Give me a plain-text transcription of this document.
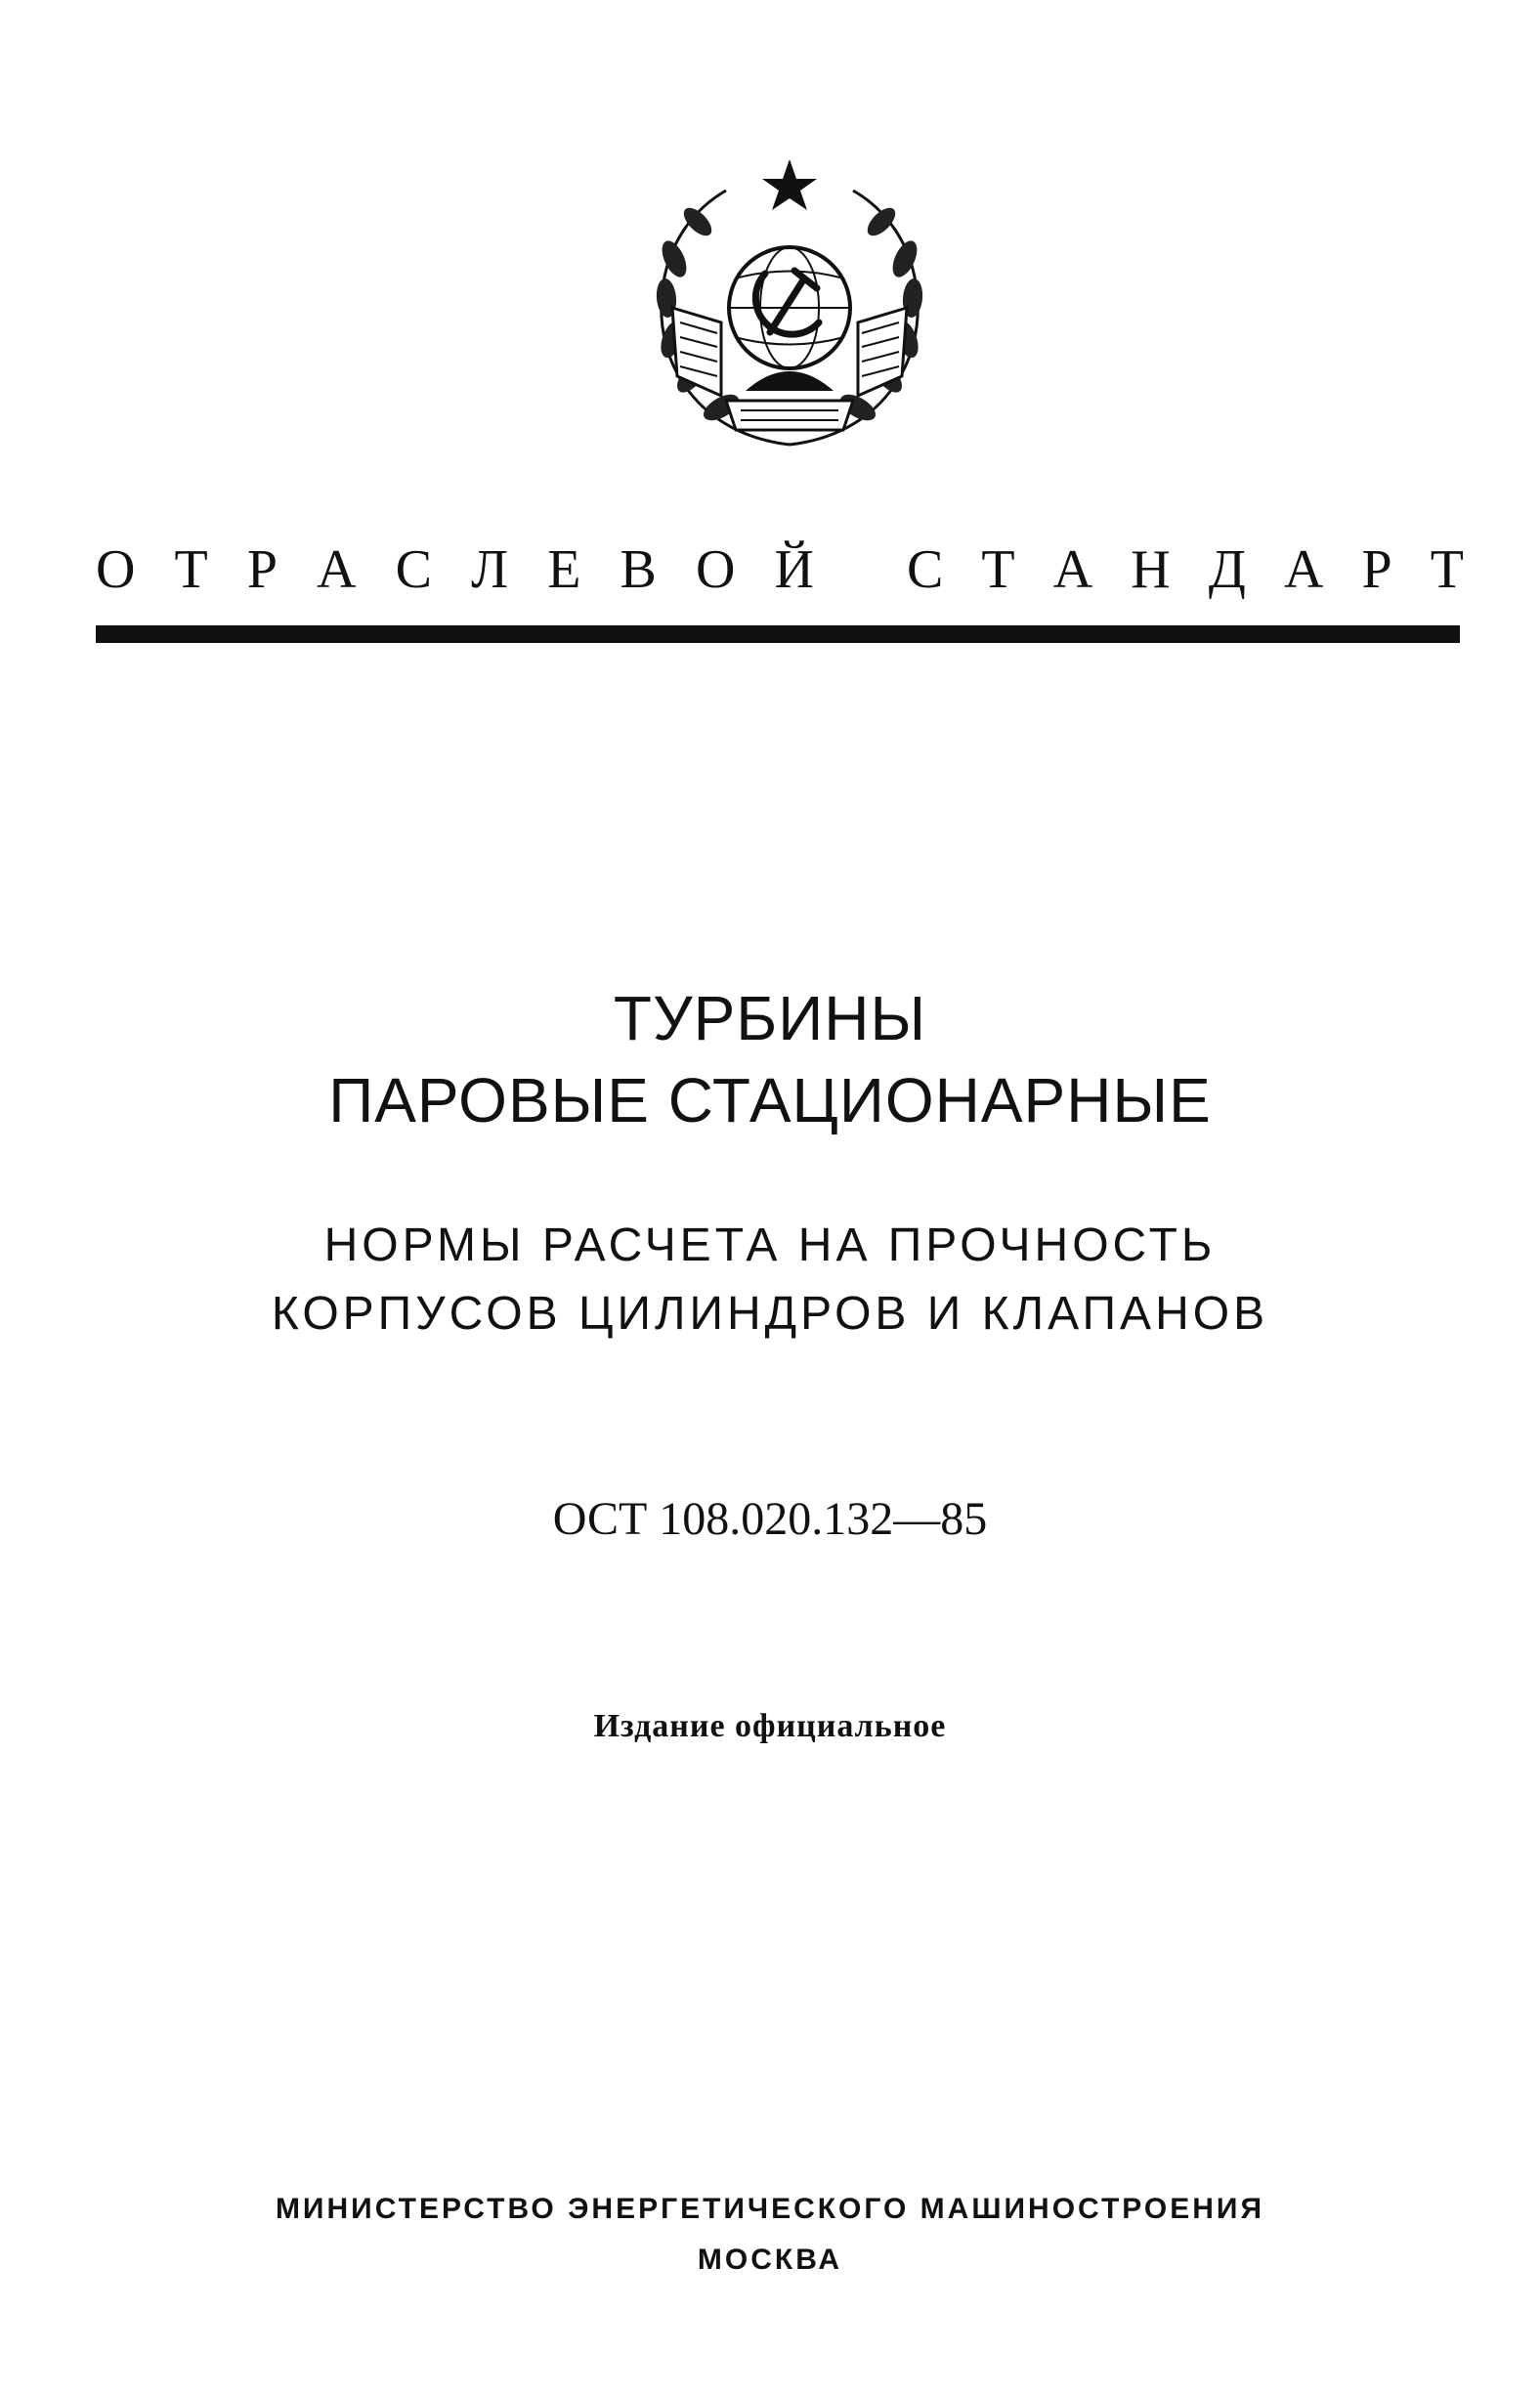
О Т Р А С Л Е В О Й С Т А Н Д А Р Т
ТУРБИНЫ
ПАРОВЫЕ СТАЦИОНАРНЫЕ
НОРМЫ РАСЧЕТА НА ПРОЧНОСТЬ
КОРПУСОВ ЦИЛИНДРОВ И КЛАПАНОВ
ОСТ 108.020.132—85
Издание официальное
МИНИСТЕРСТВО ЭНЕРГЕТИЧЕСКОГО МАШИНОСТРОЕНИЯ
МОСКВА
